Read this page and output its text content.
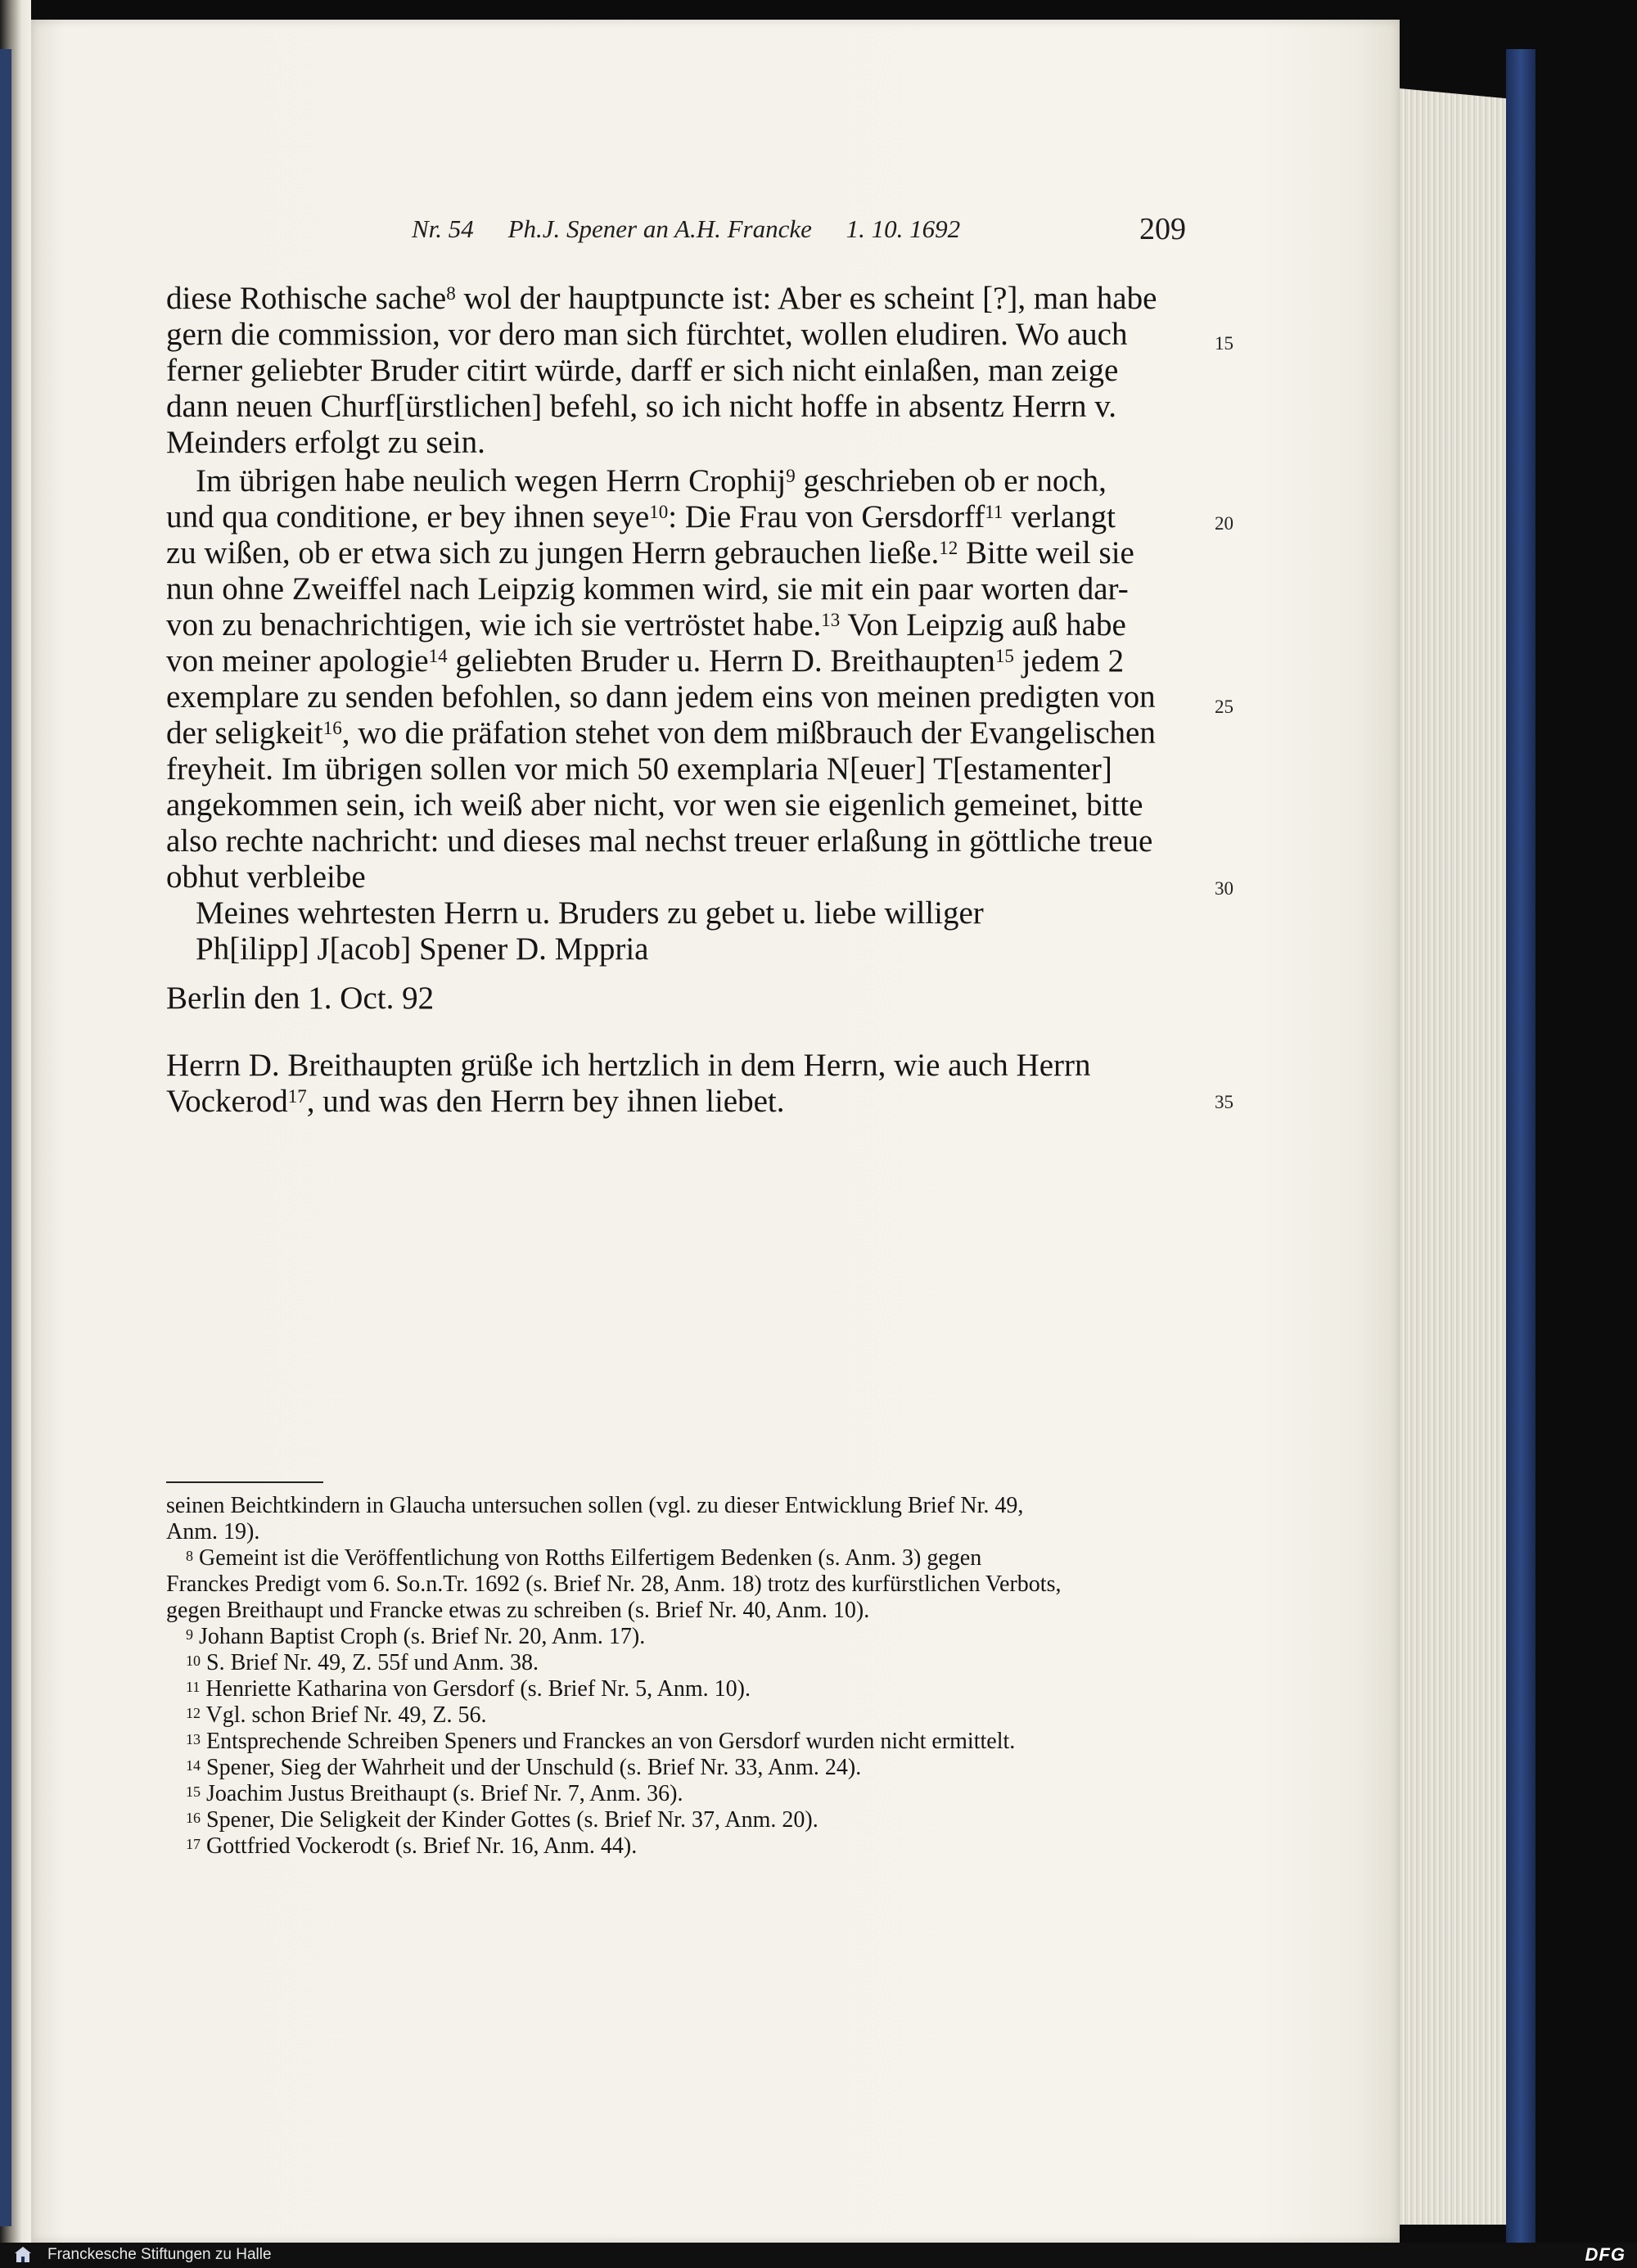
Nr. 54 Ph.J. Spener an A.H. Francke 1. 10. 1692	209
diese Rothische sache$^8$ wol der hauptpuncte ist: Aber es scheint [?], man habe
gern die commission, vor dero man sich fürchtet, wollen eludiren. Wo auch
ferner geliebter Bruder citirt würde, darff er sich nicht einlaßen, man zeige
dann neuen Churf[ürstlichen] befehl, so ich nicht hoffe in absentz Herrn v.
Meinders erfolgt zu sein.
Im übrigen habe neulich wegen Herrn Crophij$^9$ geschrieben ob er noch,
und qua conditione, er bey ihnen seye$^{10}$: Die Frau von Gersdorff$^{11}$ verlangt
zu wißen, ob er etwa sich zu jungen Herrn gebrauchen ließe.$^{12}$ Bitte weil sie
nun ohne Zweiffel nach Leipzig kommen wird, sie mit ein paar worten dar-
von zu benachrichtigen, wie ich sie vertröstet habe.$^{13}$ Von Leipzig auß habe
von meiner apologie$^{14}$ geliebten Bruder u. Herrn D. Breithaupten$^{15}$ jedem 2
exemplare zu senden befohlen, so dann jedem eins von meinen predigten von
der seligkeit$^{16}$, wo die präfation stehet von dem mißbrauch der Evangelischen
freyheit. Im übrigen sollen vor mich 50 exemplaria N[euer] T[estamenter]
angekommen sein, ich weiß aber nicht, vor wen sie eigenlich gemeinet, bitte
also rechte nachricht: und dieses mal nechst treuer erlaßung in göttliche treue
obhut verbleibe
Meines wehrtesten Herrn u. Bruders zu gebet u. liebe williger
Ph[ilipp] J[acob] Spener D. Mppria
Berlin den 1. Oct. 92
Herrn D. Breithaupten grüße ich hertzlich in dem Herrn, wie auch Herrn
Vockerod$^{17}$, und was den Herrn bey ihnen liebet.
15
20
25
30
35
seinen Beichtkindern in Glaucha untersuchen sollen (vgl. zu dieser Entwicklung Brief Nr. 49,
Anm. 19).
$^8$ Gemeint ist die Veröffentlichung von Rotths Eilfertigem Bedenken (s. Anm. 3) gegen
Franckes Predigt vom 6. So.n.Tr. 1692 (s. Brief Nr. 28, Anm. 18) trotz des kurfürstlichen Verbots,
gegen Breithaupt und Francke etwas zu schreiben (s. Brief Nr. 40, Anm. 10).
$^9$ Johann Baptist Croph (s. Brief Nr. 20, Anm. 17).
$^{10}$ S. Brief Nr. 49, Z. 55f und Anm. 38.
$^{11}$ Henriette Katharina von Gersdorf (s. Brief Nr. 5, Anm. 10).
$^{12}$ Vgl. schon Brief Nr. 49, Z. 56.
$^{13}$ Entsprechende Schreiben Speners und Franckes an von Gersdorf wurden nicht ermittelt.
$^{14}$ Spener, Sieg der Wahrheit und der Unschuld (s. Brief Nr. 33, Anm. 24).
$^{15}$ Joachim Justus Breithaupt (s. Brief Nr. 7, Anm. 36).
$^{16}$ Spener, Die Seligkeit der Kinder Gottes (s. Brief Nr. 37, Anm. 20).
$^{17}$ Gottfried Vockerodt (s. Brief Nr. 16, Anm. 44).
Franckesche Stiftungen zu Halle	DFG
